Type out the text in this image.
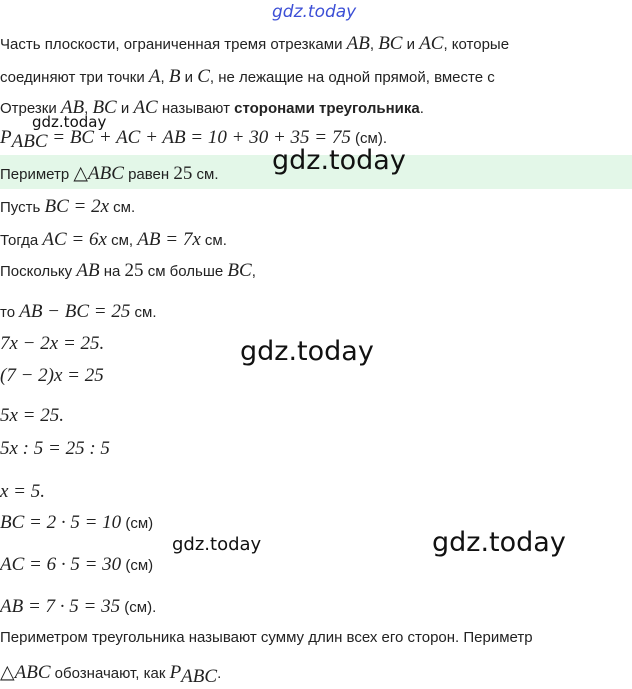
gdz.today
Часть плоскости, ограниченная тремя отрезками AB, BC и AC, которые
соединяют три точки A, B и C, не лежащие на одной прямой, вместе с
Отрезки AB, BC и AC называют сторонами треугольника.
gdz.today
$P_{ABC}$ = BC + AC + AB = 10 + 30 + 35 = 75 (см).
Периметр △ABC равен 25 см. gdz.today
Пусть BC = 2x см.
Тогда AC = 6x см, AB = 7x см.
Поскольку AB на 25 см больше BC,
то AB − BC = 25 см.
gdz.today
7x − 2x = 25.
(7 − 2)x = 25
5x = 25.
5x : 5 = 25 : 5
x = 5.
BC = 2 · 5 = 10 (см)
gdz.today	gdz.today
AC = 6 · 5 = 30 (см)
AB = 7 · 5 = 35 (см).
Периметром треугольника называют сумму длин всех его сторон. Периметр
△ABC обозначают, как $P_{ABC}$.
